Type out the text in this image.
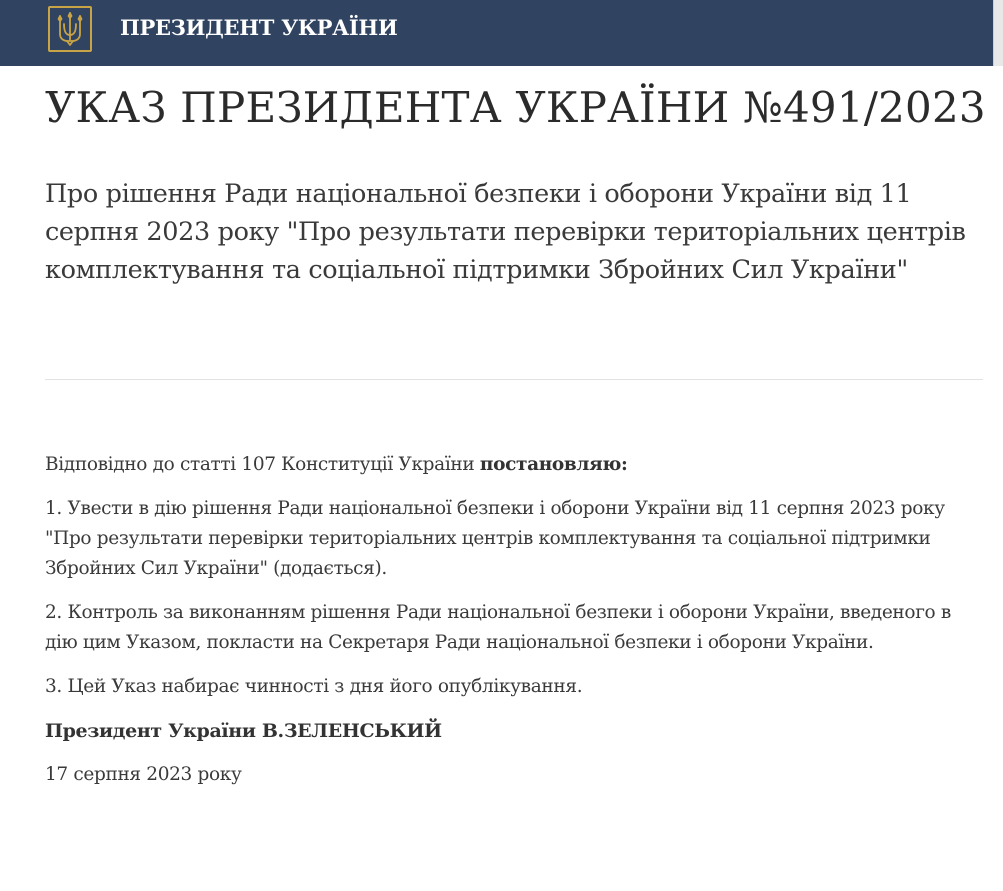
ПРЕЗИДЕНТ УКРАЇНИ
УКАЗ ПРЕЗИДЕНТА УКРАЇНИ №491/2023
Про рішення Ради національної безпеки і оборони України від 11 серпня 2023 року "Про результати перевірки територіальних центрів комплектування та соціальної підтримки Збройних Сил України"

Відповідно до статті 107 Конституції України постановляю:

1. Увести в дію рішення Ради національної безпеки і оборони України від 11 серпня 2023 року "Про результати перевірки територіальних центрів комплектування та соціальної підтримки Збройних Сил України" (додається).

2. Контроль за виконанням рішення Ради національної безпеки і оборони України, введеного в дію цим Указом, покласти на Секретаря Ради національної безпеки і оборони України.

3. Цей Указ набирає чинності з дня його опублікування.

Президент України В.ЗЕЛЕНСЬКИЙ

17 серпня 2023 року
